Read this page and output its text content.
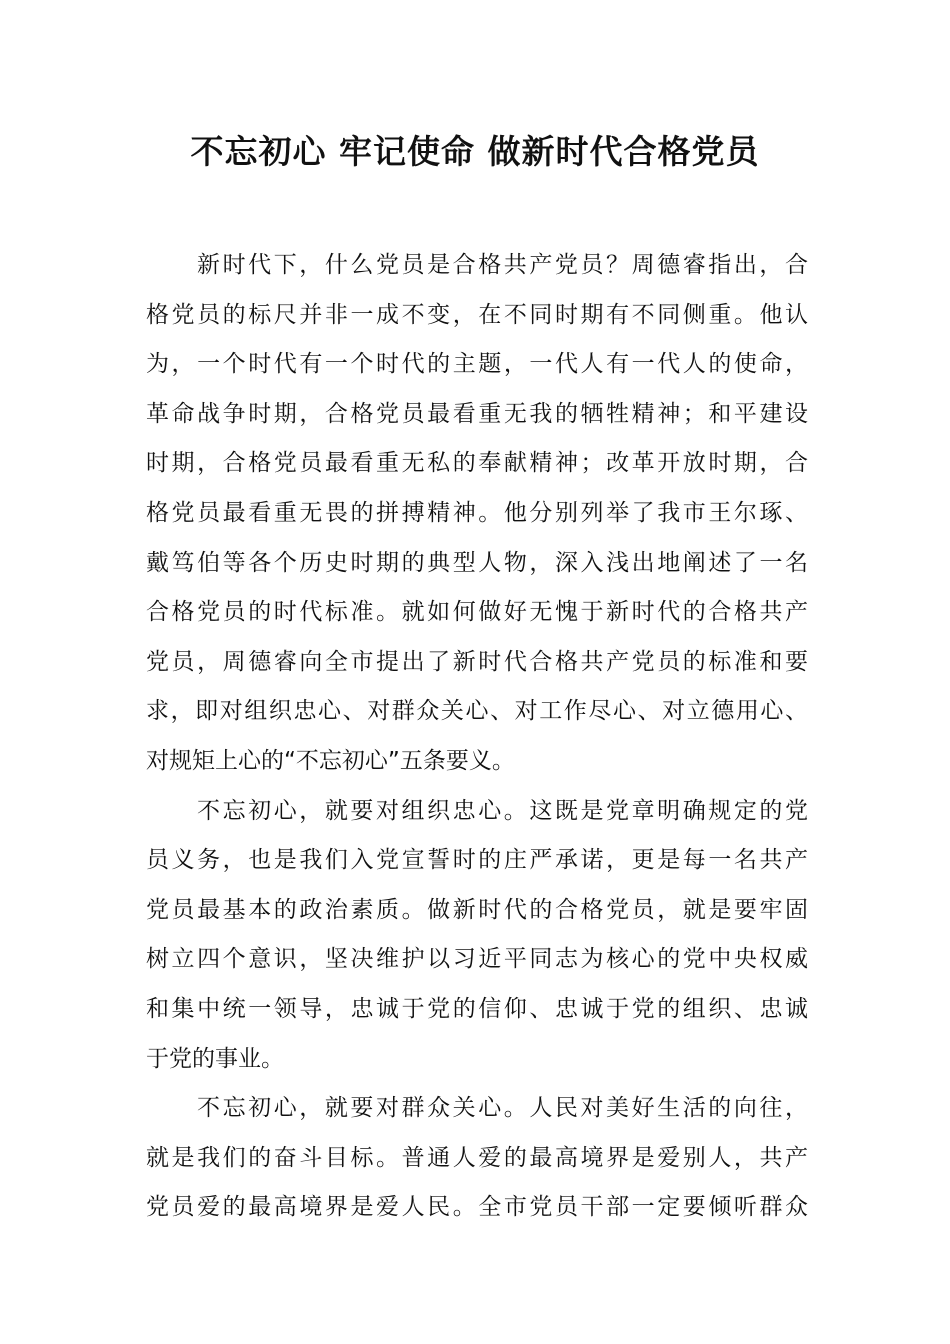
不忘初心 牢记使命 做新时代合格党员
新时代下，什么党员是合格共产党员？周德睿指出，合
格党员的标尺并非一成不变，在不同时期有不同侧重。他认
为，一个时代有一个时代的主题，一代人有一代人的使命，
革命战争时期，合格党员最看重无我的牺牲精神；和平建设
时期，合格党员最看重无私的奉献精神；改革开放时期，合
格党员最看重无畏的拼搏精神。他分别列举了我市王尔琢、
戴笃伯等各个历史时期的典型人物，深入浅出地阐述了一名
合格党员的时代标准。就如何做好无愧于新时代的合格共产
党员，周德睿向全市提出了新时代合格共产党员的标准和要
求，即对组织忠心、对群众关心、对工作尽心、对立德用心、
对规矩上心的“不忘初心”五条要义。
不忘初心，就要对组织忠心。这既是党章明确规定的党
员义务，也是我们入党宣誓时的庄严承诺，更是每一名共产
党员最基本的政治素质。做新时代的合格党员，就是要牢固
树立四个意识，坚决维护以习近平同志为核心的党中央权威
和集中统一领导，忠诚于党的信仰、忠诚于党的组织、忠诚
于党的事业。
不忘初心，就要对群众关心。人民对美好生活的向往，
就是我们的奋斗目标。普通人爱的最高境界是爱别人，共产
党员爱的最高境界是爱人民。全市党员干部一定要倾听群众
